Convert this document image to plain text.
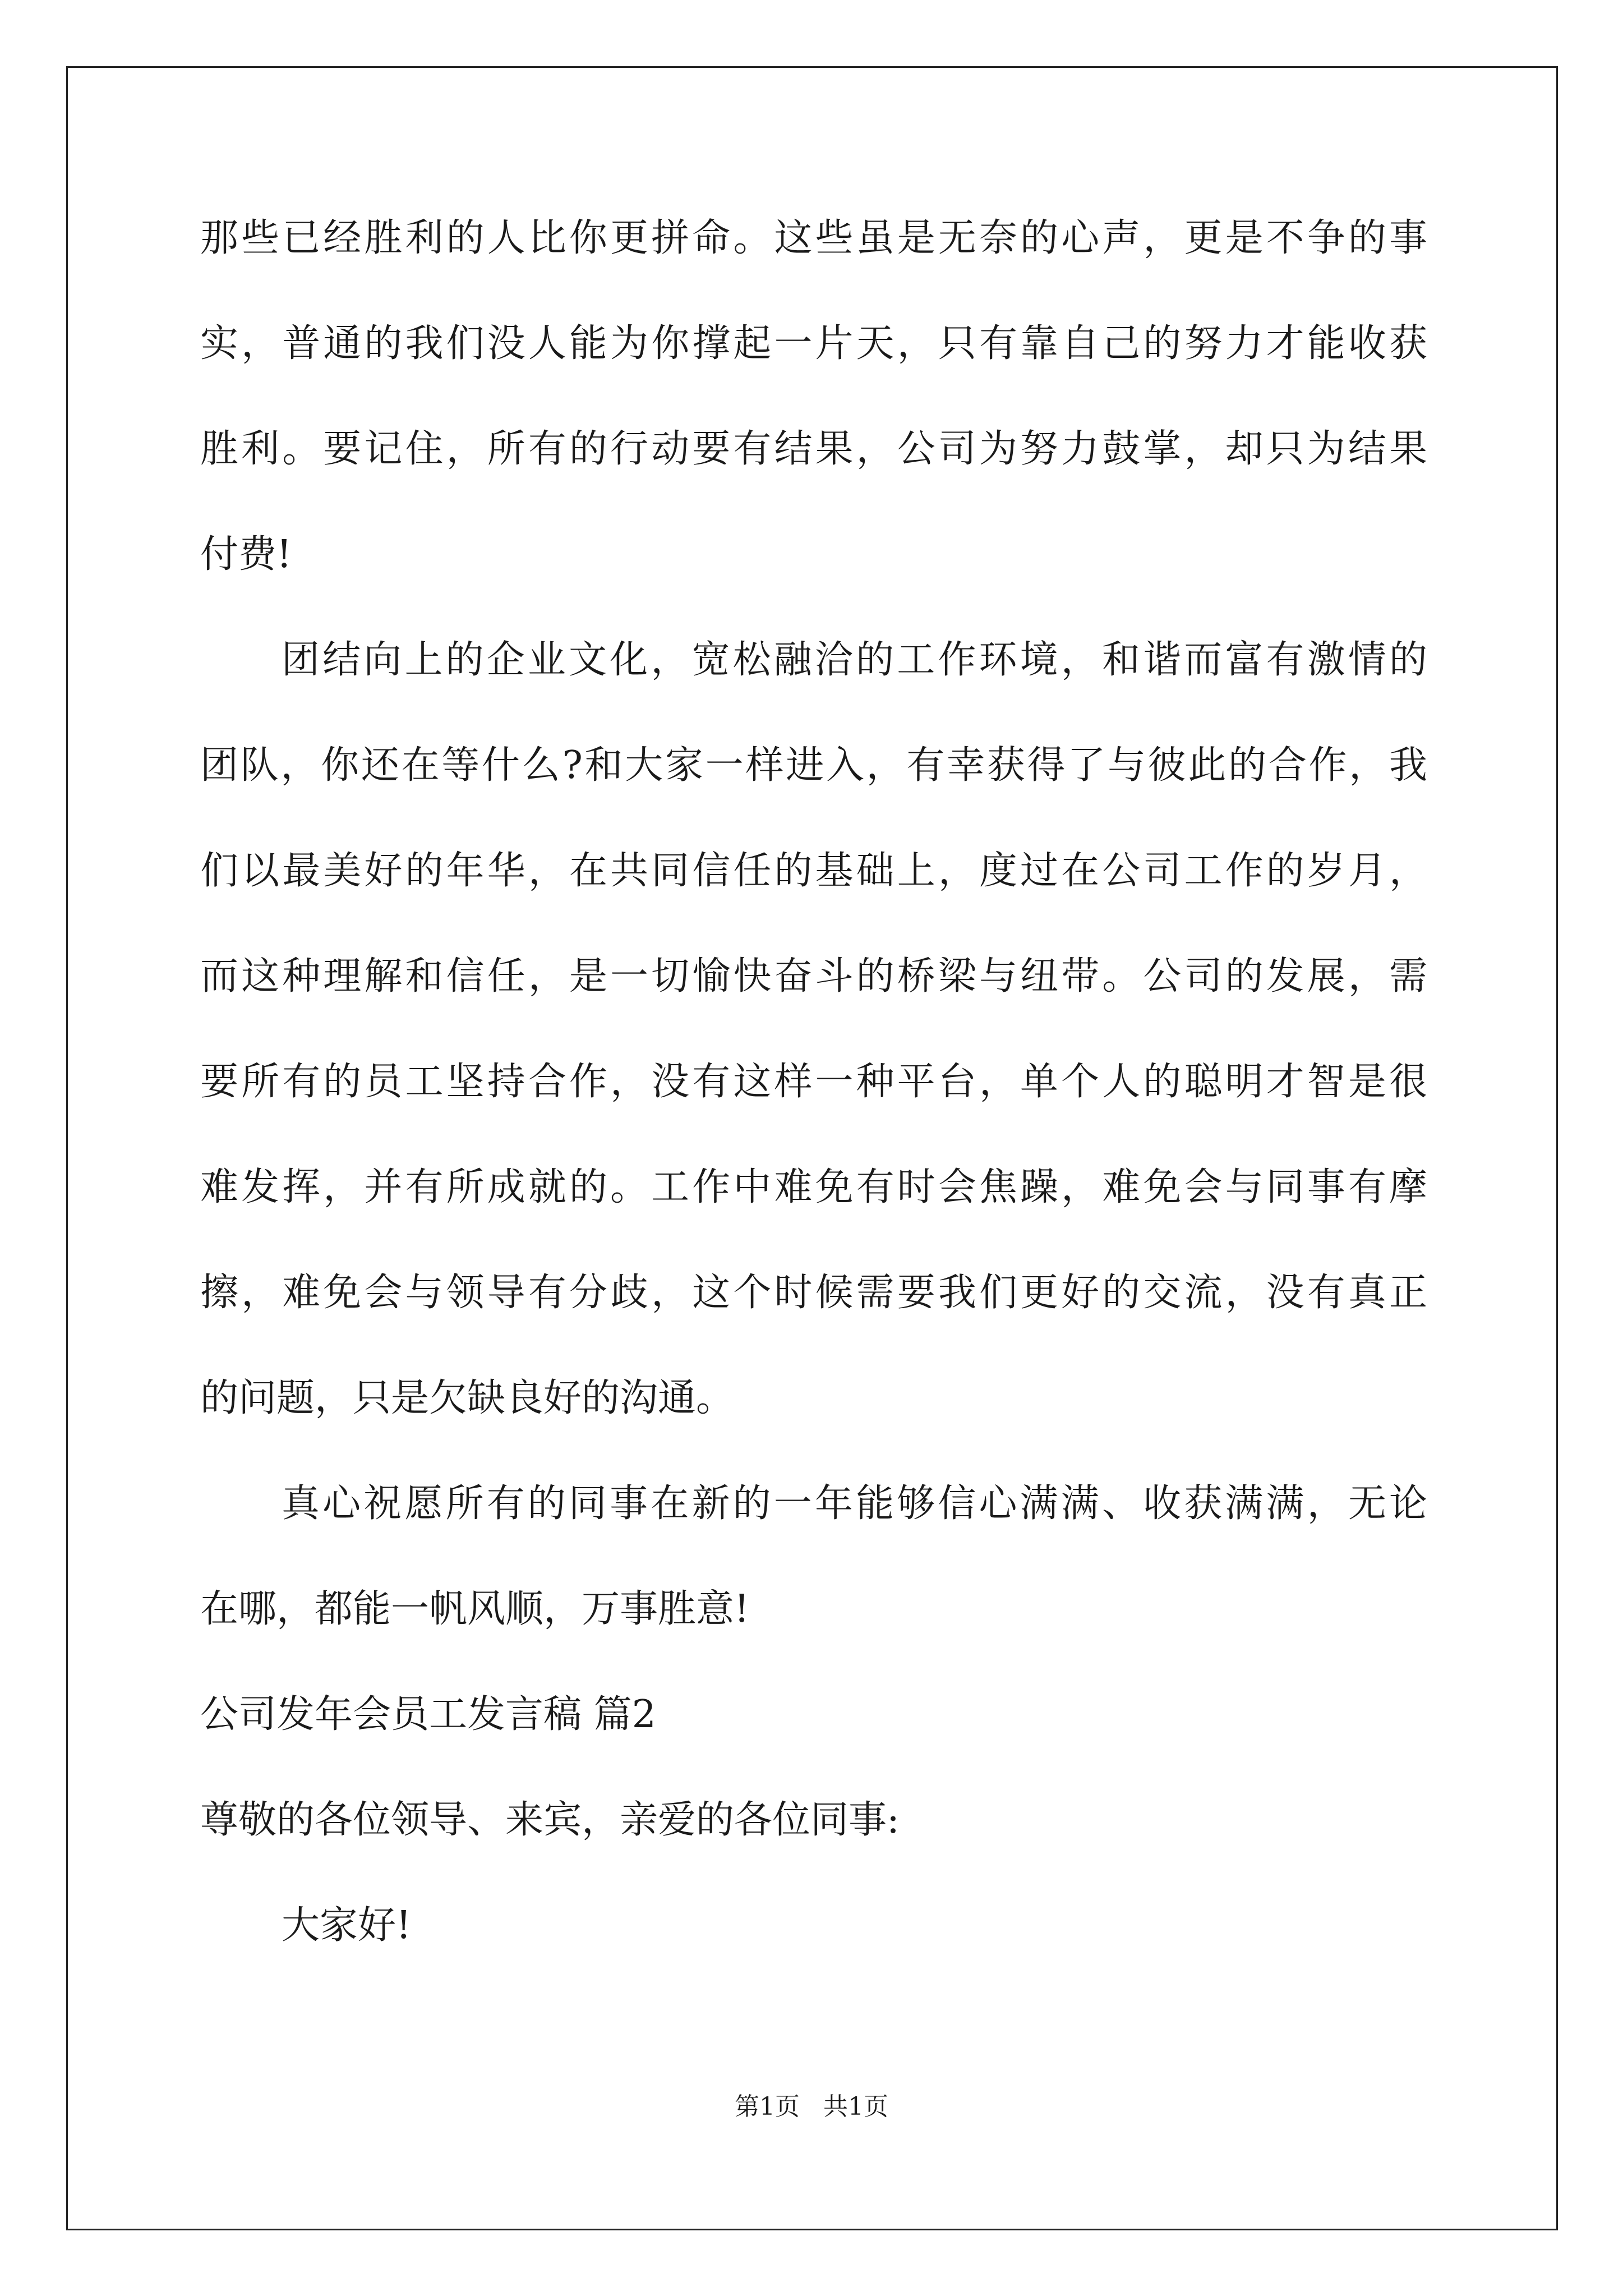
那些已经胜利的人比你更拼命。这些虽是无奈的心声，更是不争的事
实，普通的我们没人能为你撑起一片天，只有靠自己的努力才能收获
胜利。要记住，所有的行动要有结果，公司为努力鼓掌，却只为结果
付费!
团结向上的企业文化，宽松融洽的工作环境，和谐而富有激情的
团队，你还在等什么?和大家一样进入，有幸获得了与彼此的合作，我
们以最美好的年华，在共同信任的基础上，度过在公司工作的岁月，
而这种理解和信任，是一切愉快奋斗的桥梁与纽带。公司的发展，需
要所有的员工坚持合作，没有这样一种平台，单个人的聪明才智是很
难发挥，并有所成就的。工作中难免有时会焦躁，难免会与同事有摩
擦，难免会与领导有分歧，这个时候需要我们更好的交流，没有真正
的问题，只是欠缺良好的沟通。
真心祝愿所有的同事在新的一年能够信心满满、收获满满，无论
在哪，都能一帆风顺，万事胜意!
公司发年会员工发言稿 篇2
尊敬的各位领导、来宾，亲爱的各位同事:
大家好!
第1页   共1页
